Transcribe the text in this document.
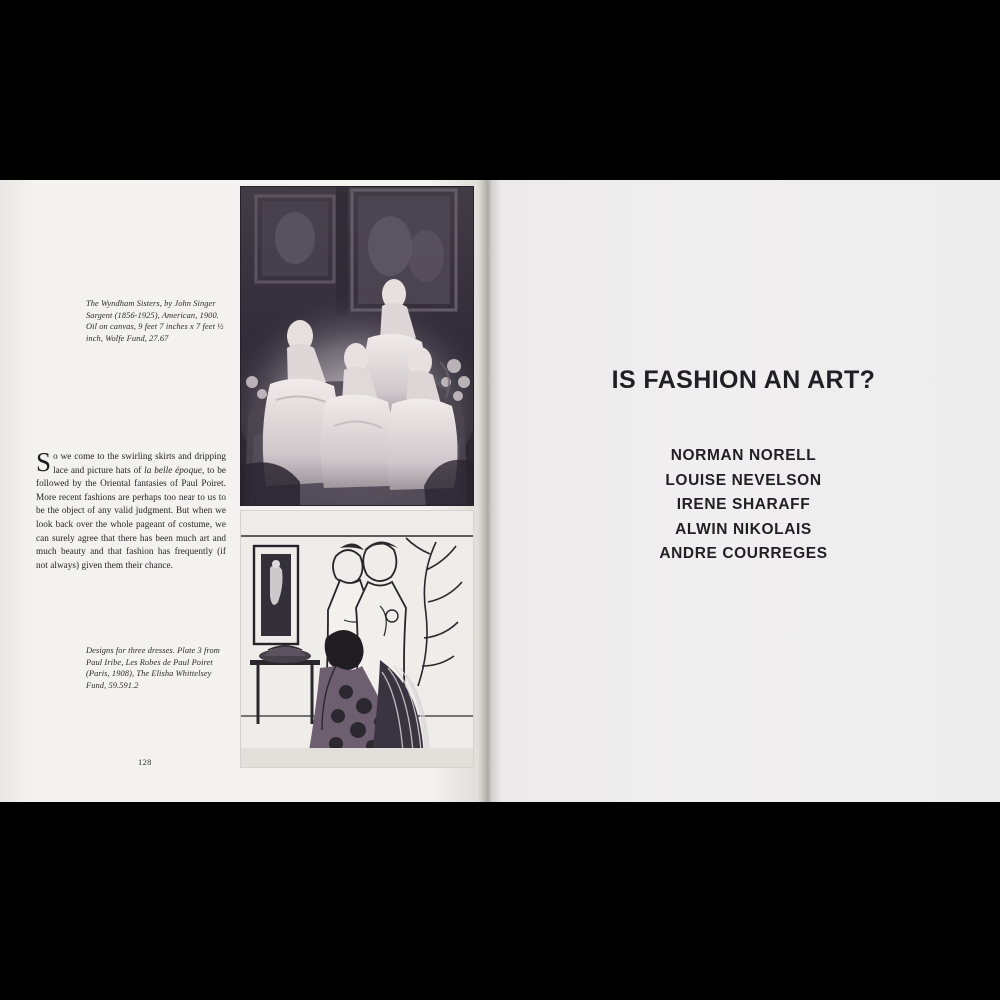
The Wyndham Sisters, by John Singer Sargent (1856-1925), American, 1900. Oil on canvas, 9 feet 7 inches x 7 feet ½ inch, Wolfe Fund, 27.67
So we come to the swirling skirts and dripping lace and picture hats of la belle époque, to be followed by the Oriental fantasies of Paul Poiret. More recent fashions are perhaps too near to us to be the object of any valid judgment. But when we look back over the whole pageant of costume, we can surely agree that there has been much art and much beauty and that fashion has frequently (if not always) given them their chance.
Designs for three dresses. Plate 3 from Paul Iribe, Les Robes de Paul Poiret (Paris, 1908), The Elisha Whittelsey Fund, 59.591.2
128
IS FASHION AN ART?
NORMAN NORELL
LOUISE NEVELSON
IRENE SHARAFF
ALWIN NIKOLAIS
ANDRE COURREGES
